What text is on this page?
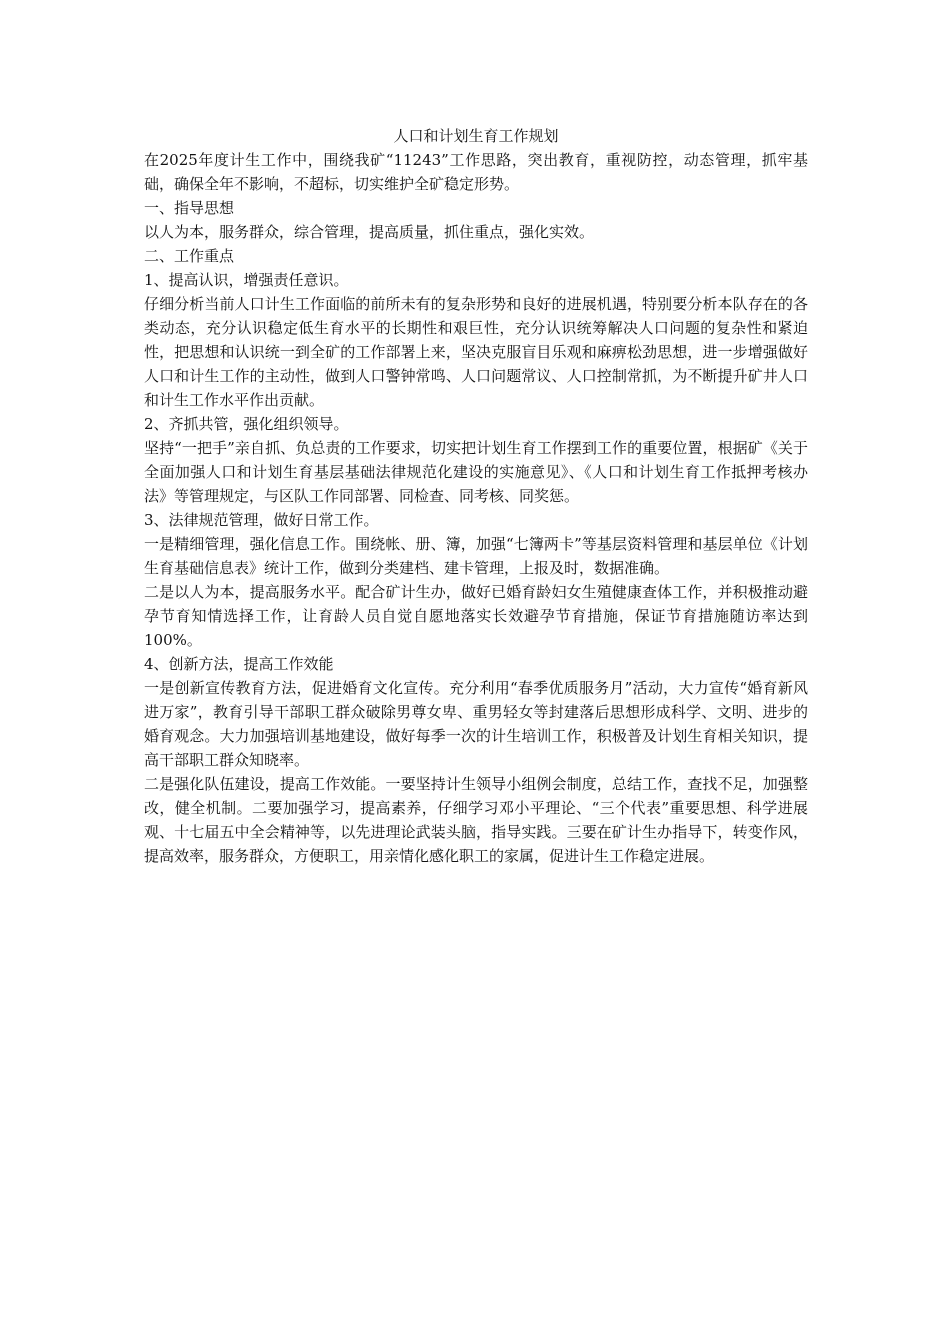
人口和计划生育工作规划

在2025年度计生工作中，围绕我矿“11243”工作思路，突出教育，重视防控，动态管理，抓牢基础，确保全年不影响，不超标，切实维护全矿稳定形势。

一、指导思想

以人为本，服务群众，综合管理，提高质量，抓住重点，强化实效。

二、工作重点

1、提高认识，增强责任意识。

仔细分析当前人口计生工作面临的前所未有的复杂形势和良好的进展机遇，特别要分析本队存在的各类动态，充分认识稳定低生育水平的长期性和艰巨性，充分认识统筹解决人口问题的复杂性和紧迫性，把思想和认识统一到全矿的工作部署上来，坚决克服盲目乐观和麻痹松劲思想，进一步增强做好人口和计生工作的主动性，做到人口警钟常鸣、人口问题常议、人口控制常抓，为不断提升矿井人口和计生工作水平作出贡献。

2、齐抓共管，强化组织领导。

坚持“一把手”亲自抓、负总责的工作要求，切实把计划生育工作摆到工作的重要位置，根据矿《关于全面加强人口和计划生育基层基础法律规范化建设的实施意见》、《人口和计划生育工作抵押考核办法》等管理规定，与区队工作同部署、同检查、同考核、同奖惩。

3、法律规范管理，做好日常工作。

一是精细管理，强化信息工作。围绕帐、册、簿，加强“七簿两卡”等基层资料管理和基层单位《计划生育基础信息表》统计工作，做到分类建档、建卡管理，上报及时，数据准确。

二是以人为本，提高服务水平。配合矿计生办，做好已婚育龄妇女生殖健康查体工作，并积极推动避孕节育知情选择工作，让育龄人员自觉自愿地落实长效避孕节育措施，保证节育措施随访率达到100%。

4、创新方法，提高工作效能

一是创新宣传教育方法，促进婚育文化宣传。充分利用“春季优质服务月”活动，大力宣传“婚育新风进万家”，教育引导干部职工群众破除男尊女卑、重男轻女等封建落后思想形成科学、文明、进步的婚育观念。大力加强培训基地建设，做好每季一次的计生培训工作，积极普及计划生育相关知识，提高干部职工群众知晓率。

二是强化队伍建设，提高工作效能。一要坚持计生领导小组例会制度，总结工作，查找不足，加强整改，健全机制。二要加强学习，提高素养，仔细学习邓小平理论、“三个代表”重要思想、科学进展观、十七届五中全会精神等，以先进理论武装头脑，指导实践。三要在矿计生办指导下，转变作风，提高效率，服务群众，方便职工，用亲情化感化职工的家属，促进计生工作稳定进展。
